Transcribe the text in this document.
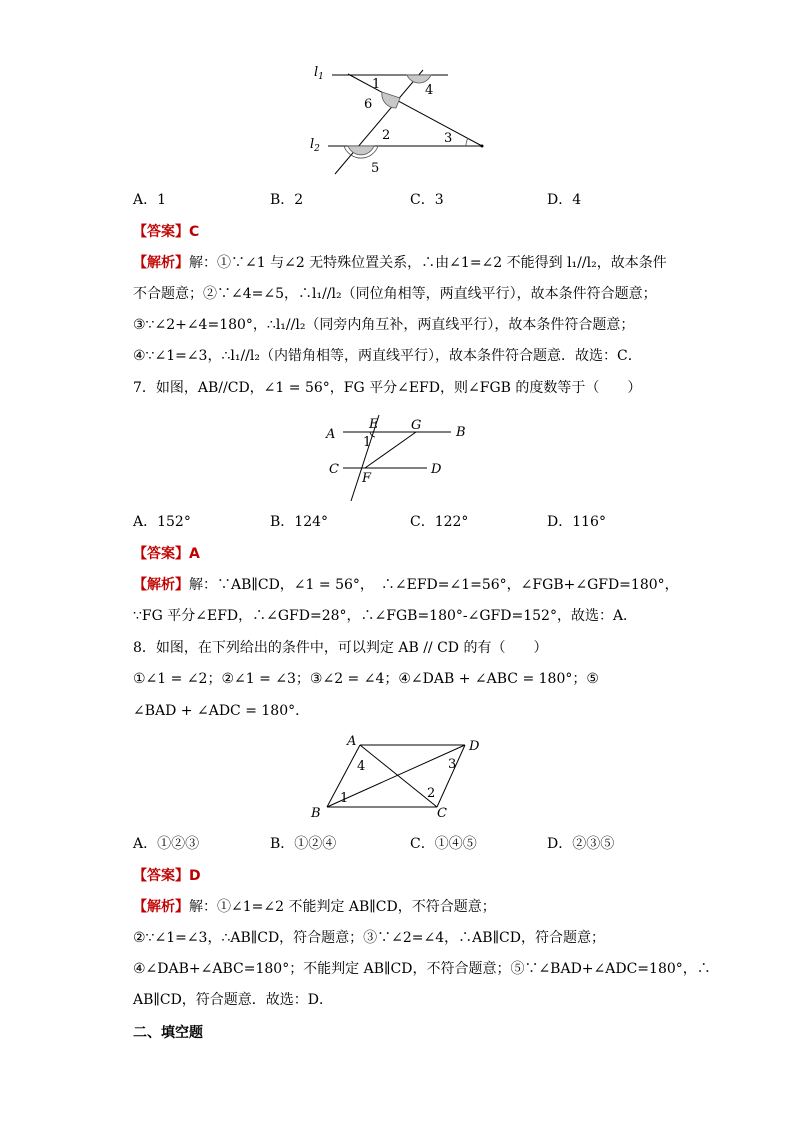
$l_1$
$l_2$
1	4
6
2	3
5
A．1	B．2	C．3	D．4
【答案】C
【解析】解：①∵∠1 与∠2 无特殊位置关系，∴由∠1=∠2 不能得到 l₁//l₂，故本条件
不合题意；②∵∠4=∠5，∴l₁//l₂（同位角相等，两直线平行），故本条件符合题意；
③∵∠2+∠4=180°，∴l₁//l₂（同旁内角互补，两直线平行），故本条件符合题意；
④∵∠1=∠3，∴l₁//l₂（内错角相等，两直线平行），故本条件符合题意．故选：C．
7．如图，AB//CD，∠1 = 56°，FG 平分∠EFD，则∠FGB 的度数等于（　　）
A
E	G	B
1
C	D
F
A．152°	B．124°	C．122°	D．116°
【答案】A
【解析】解：∵AB∥CD，∠1 = 56°，　∴∠EFD=∠1=56°，∠FGB+∠GFD=180°，
∵FG 平分∠EFD，∴∠GFD=28°，∴∠FGB=180°-∠GFD=152°，故选：A．
8．如图，在下列给出的条件中，可以判定 AB // CD 的有（　　）
①∠1 = ∠2；②∠1 = ∠3；③∠2 = ∠4；④∠DAB + ∠ABC = 180°；⑤
∠BAD + ∠ADC = 180°．
A	D
B	C
4	3
1	2
A．①②③	B．①②④	C．①④⑤	D．②③⑤
【答案】D
【解析】解：①∠1=∠2 不能判定 AB∥CD，不符合题意；
②∵∠1=∠3，∴AB∥CD，符合题意；③∵∠2=∠4，∴AB∥CD，符合题意；
④∠DAB+∠ABC=180°；不能判定 AB∥CD，不符合题意；⑤∵∠BAD+∠ADC=180°，∴
AB∥CD，符合题意．故选：D．
二、填空题
